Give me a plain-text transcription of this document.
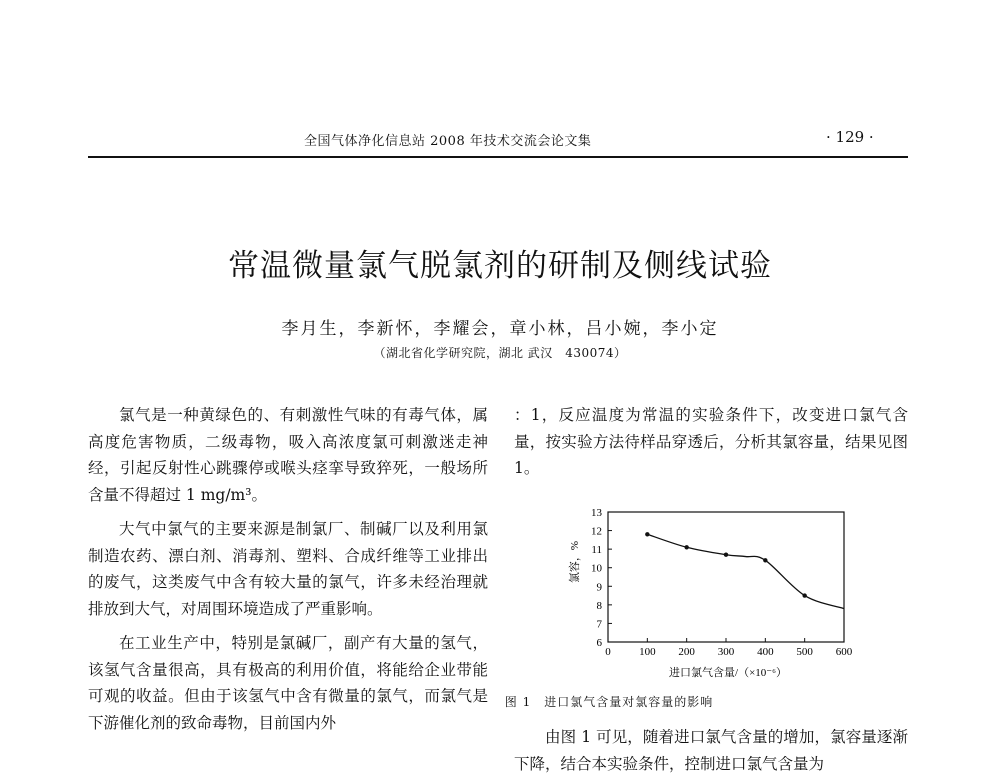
全国气体净化信息站 2008 年技术交流会论文集	· 129 ·
常温微量氯气脱氯剂的研制及侧线试验
李月生，李新怀，李耀会，章小林，吕小婉，李小定
（湖北省化学研究院，湖北 武汉　430074）

氯气是一种黄绿色的、有刺激性气味的有毒气体，属高度危害物质，二级毒物，吸入高浓度氯可刺激迷走神经，引起反射性心跳骤停或喉头痉挛导致猝死，一般场所含量不得超过 1 mg/m³。

大气中氯气的主要来源是制氯厂、制碱厂以及利用氯制造农药、漂白剂、消毒剂、塑料、合成纤维等工业排出的废气，这类废气中含有较大量的氯气，许多未经治理就排放到大气，对周围环境造成了严重影响。

在工业生产中，特别是氯碱厂，副产有大量的氢气，该氢气含量很高，具有极高的利用价值，将能给企业带能可观的收益。但由于该氢气中含有微量的氯气，而氯气是下游催化剂的致命毒物，目前国内外

：1，反应温度为常温的实验条件下，改变进口氯气含量，按实验方法待样品穿透后，分析其氯容量，结果见图 1。

0	100 200 300 400 500 600
6
7
8
9
10
11
12
13
氯容，%
进口氯气含量/（×10⁻⁶）
图 1　进口氯气含量对氯容量的影响

由图 1 可见，随着进口氯气含量的增加，氯容量逐渐下降，结合本实验条件，控制进口氯气含量为
